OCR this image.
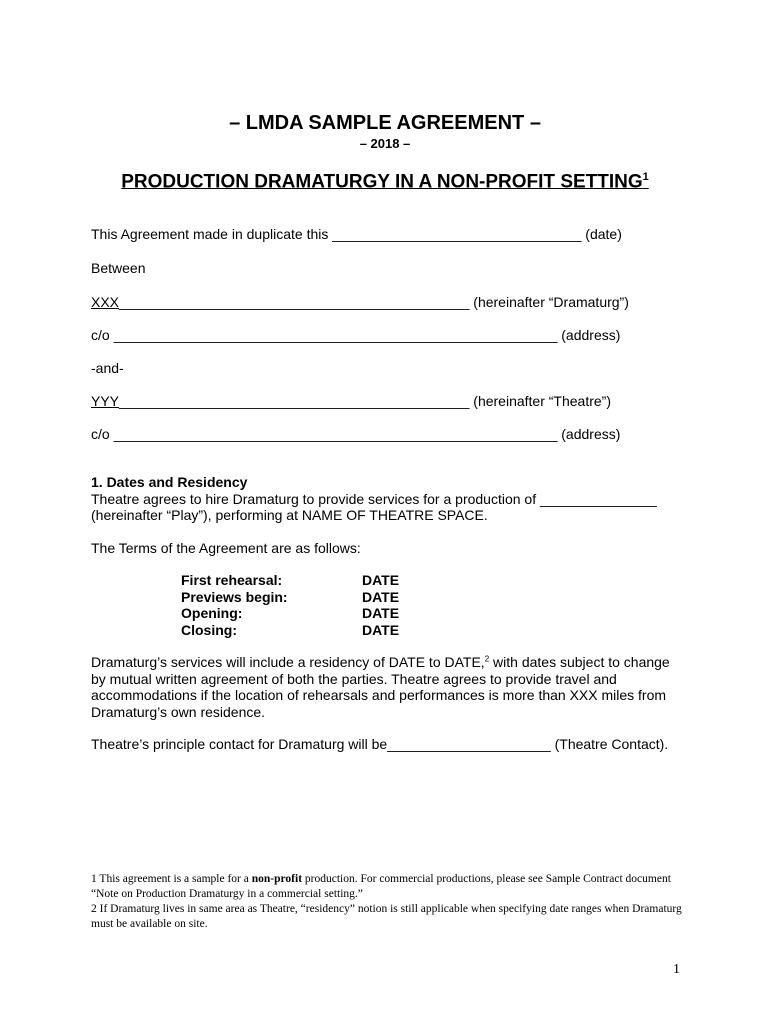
– LMDA SAMPLE AGREEMENT –
– 2018 –
PRODUCTION DRAMATURGY IN A NON-PROFIT SETTING$^1$
This Agreement made in duplicate this ________________________________ (date)
Between
XXX_____________________________________________ (hereinafter “Dramaturg”)
c/o _________________________________________________________ (address)
-and-
YYY_____________________________________________ (hereinafter “Theatre”)
c/o _________________________________________________________ (address)
1. Dates and Residency
Theatre agrees to hire Dramaturg to provide services for a production of _______________
(hereinafter “Play”), performing at NAME OF THEATRE SPACE.
The Terms of the Agreement are as follows:
First rehearsal:	DATE
Previews begin:	DATE
Opening:	DATE
Closing:	DATE
Dramaturg’s services will include a residency of DATE to DATE,$^2$ with dates subject to change by mutual written agreement of both the parties. Theatre agrees to provide travel and accommodations if the location of rehearsals and performances is more than XXX miles from Dramaturg’s own residence.
Theatre’s principle contact for Dramaturg will be_____________________ (Theatre Contact).
1 This agreement is a sample for a non-profit production. For commercial productions, please see Sample Contract document “Note on Production Dramaturgy in a commercial setting.”
2 If Dramaturg lives in same area as Theatre, “residency” notion is still applicable when specifying date ranges when Dramaturg must be available on site.
1
